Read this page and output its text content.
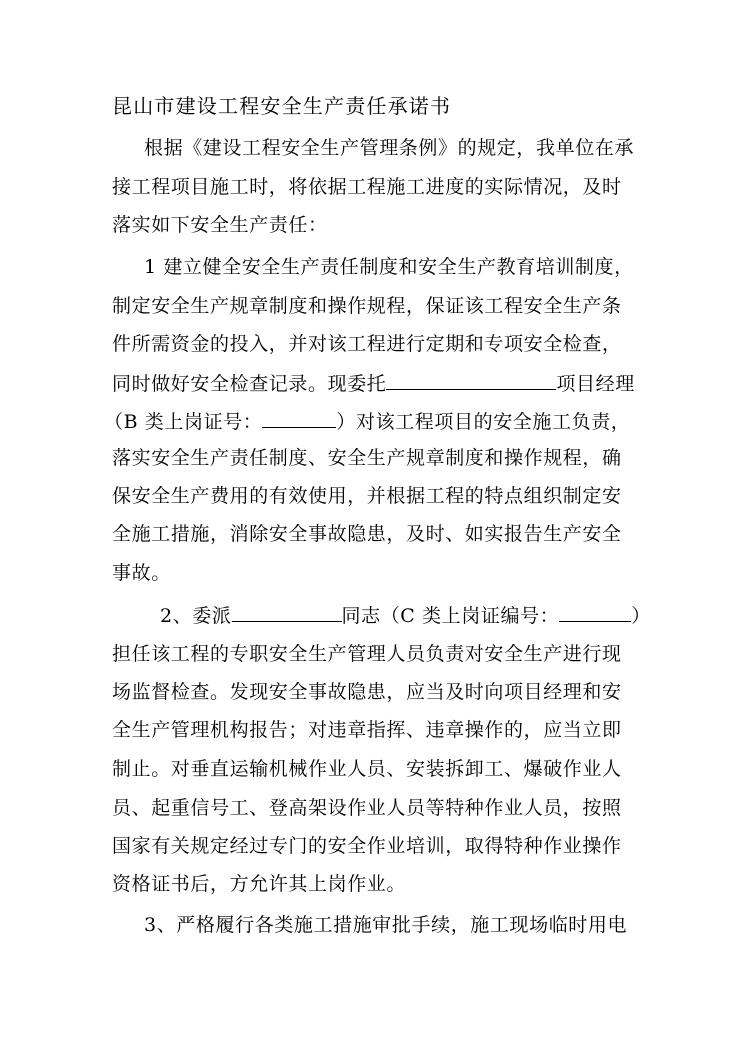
昆山市建设工程安全生产责任承诺书
根据《建设工程安全生产管理条例》的规定，我单位在承
接工程项目施工时，将依据工程施工进度的实际情况，及时
落实如下安全生产责任：
1 建立健全安全生产责任制度和安全生产教育培训制度，
制定安全生产规章制度和操作规程，保证该工程安全生产条
件所需资金的投入，并对该工程进行定期和专项安全检查，
同时做好安全检查记录。现委托	项目经理
（B 类上岗证号：	）对该工程项目的安全施工负责，
落实安全生产责任制度、安全生产规章制度和操作规程，确
保安全生产费用的有效使用，并根据工程的特点组织制定安
全施工措施，消除安全事故隐患，及时、如实报告生产安全
事故。
2、委派	同志（C 类上岗证编号：	）
担任该工程的专职安全生产管理人员负责对安全生产进行现
场监督检查。发现安全事故隐患，应当及时向项目经理和安
全生产管理机构报告；对违章指挥、违章操作的，应当立即
制止。对垂直运输机械作业人员、安装拆卸工、爆破作业人
员、起重信号工、登高架设作业人员等特种作业人员，按照
国家有关规定经过专门的安全作业培训，取得特种作业操作
资格证书后，方允许其上岗作业。
3、严格履行各类施工措施审批手续，施工现场临时用电
